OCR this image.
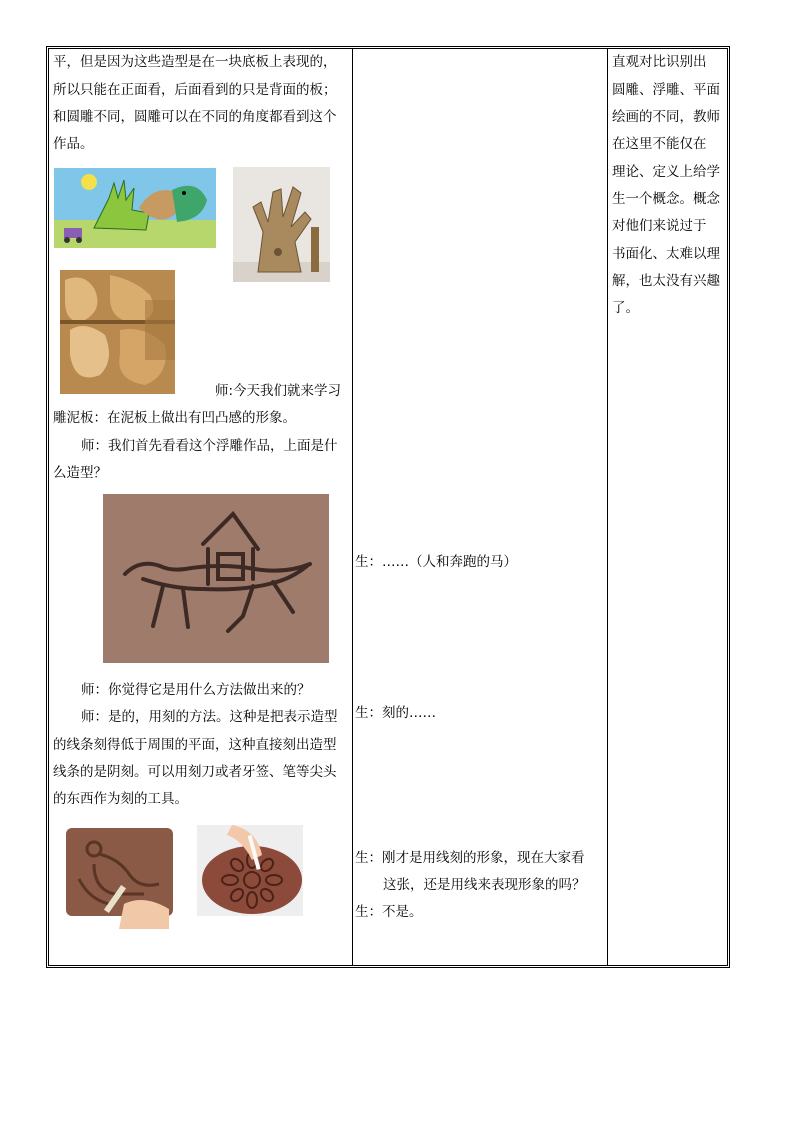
平，但是因为这些造型是在一块底板上表现的，
所以只能在正面看，后面看到的只是背面的板；
和圆雕不同，圆雕可以在不同的角度都看到这个
作品。
师:今天我们就来学习
雕泥板：在泥板上做出有凹凸感的形象。
师：我们首先看看这个浮雕作品，上面是什
么造型？
师：你觉得它是用什么方法做出来的？
师：是的，用刻的方法。这种是把表示造型
的线条刻得低于周围的平面，这种直接刻出造型
线条的是阴刻。可以用刻刀或者牙签、笔等尖头
的东西作为刻的工具。
生：……（人和奔跑的马）
生：刻的……
生：刚才是用线刻的形象，现在大家看
这张，还是用线来表现形象的吗？
生：不是。
直观对比识别出
圆雕、浮雕、平面
绘画的不同，教师
在这里不能仅在
理论、定义上给学
生一个概念。概念
对他们来说过于
书面化、太难以理
解，也太没有兴趣
了。
